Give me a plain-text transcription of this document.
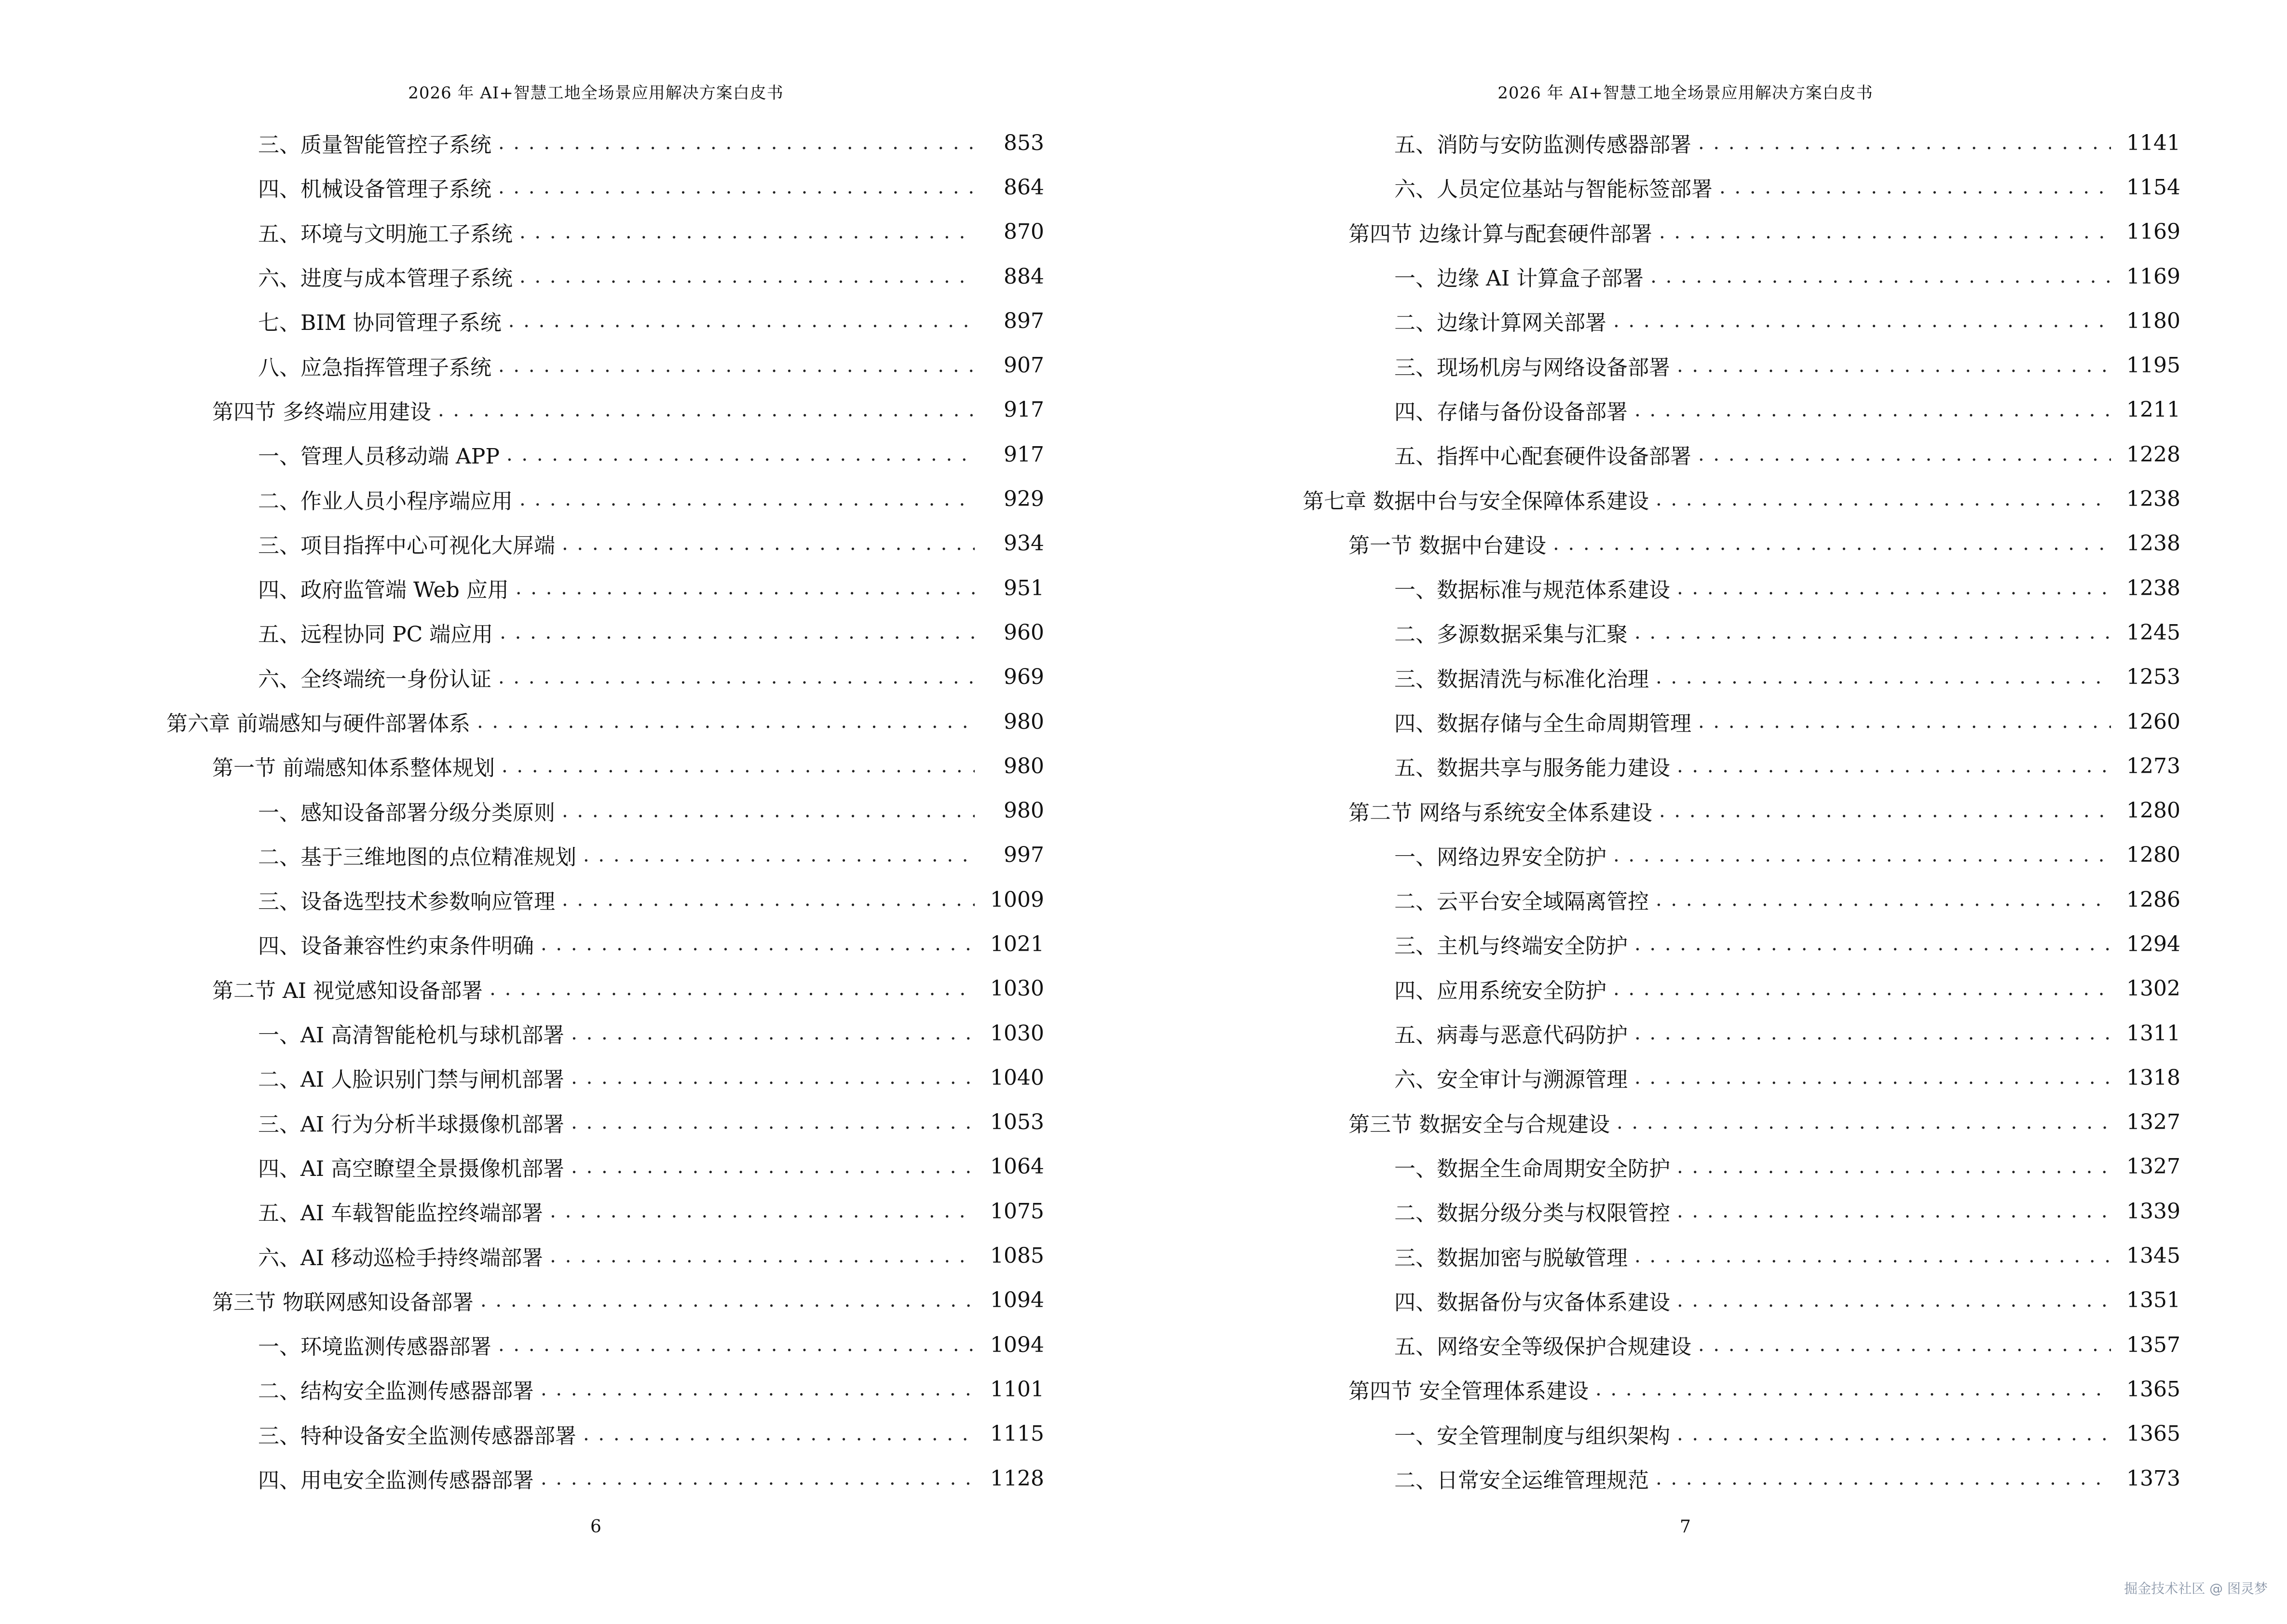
2026 年 AI+智慧工地全场景应用解决方案白皮书
三、质量智能管控子系统 . . .	853
四、机械设备管理子系统 . . .	864
五、环境与文明施工子系统 . . .	870
六、进度与成本管理子系统 . . .	884
七、BIM 协同管理子系统 . . .	897
八、应急指挥管理子系统 . . .	907
第四节 多终端应用建设 . . .	917
一、管理人员移动端 APP . . .	917
二、作业人员小程序端应用 . . .	929
三、项目指挥中心可视化大屏端 . . .	934
四、政府监管端 Web 应用 . . .	951
五、远程协同 PC 端应用 . . .	960
六、全终端统一身份认证 . . .	969
第六章 前端感知与硬件部署体系 . . .	980
第一节 前端感知体系整体规划 . . .	980
一、感知设备部署分级分类原则 . . .	980
二、基于三维地图的点位精准规划 . . .	997
三、设备选型技术参数响应管理 . . .	1009
四、设备兼容性约束条件明确 . . .	1021
第二节 AI 视觉感知设备部署 . . .	1030
一、AI 高清智能枪机与球机部署 . . .	1030
二、AI 人脸识别门禁与闸机部署 . . .	1040
三、AI 行为分析半球摄像机部署 . . .	1053
四、AI 高空瞭望全景摄像机部署 . . .	1064
五、AI 车载智能监控终端部署 . . .	1075
六、AI 移动巡检手持终端部署 . . .	1085
第三节 物联网感知设备部署 . . .	1094
一、环境监测传感器部署 . . .	1094
二、结构安全监测传感器部署 . . .	1101
三、特种设备安全监测传感器部署 . . .	1115
四、用电安全监测传感器部署 . . .	1128
6
2026 年 AI+智慧工地全场景应用解决方案白皮书
五、消防与安防监测传感器部署 . . .	1141
六、人员定位基站与智能标签部署 . . .	1154
第四节 边缘计算与配套硬件部署 . . .	1169
一、边缘 AI 计算盒子部署 . . .	1169
二、边缘计算网关部署 . . .	1180
三、现场机房与网络设备部署 . . .	1195
四、存储与备份设备部署 . . .	1211
五、指挥中心配套硬件设备部署 . . .	1228
第七章 数据中台与安全保障体系建设 . . .	1238
第一节 数据中台建设 . . .	1238
一、数据标准与规范体系建设 . . .	1238
二、多源数据采集与汇聚 . . .	1245
三、数据清洗与标准化治理 . . .	1253
四、数据存储与全生命周期管理 . . .	1260
五、数据共享与服务能力建设 . . .	1273
第二节 网络与系统安全体系建设 . . .	1280
一、网络边界安全防护 . . .	1280
二、云平台安全域隔离管控 . . .	1286
三、主机与终端安全防护 . . .	1294
四、应用系统安全防护 . . .	1302
五、病毒与恶意代码防护 . . .	1311
六、安全审计与溯源管理 . . .	1318
第三节 数据安全与合规建设 . . .	1327
一、数据全生命周期安全防护 . . .	1327
二、数据分级分类与权限管控 . . .	1339
三、数据加密与脱敏管理 . . .	1345
四、数据备份与灾备体系建设 . . .	1351
五、网络安全等级保护合规建设 . . .	1357
第四节 安全管理体系建设 . . .	1365
一、安全管理制度与组织架构 . . .	1365
二、日常安全运维管理规范 . . .	1373
7
掘金技术社区 @ 图灵梦
